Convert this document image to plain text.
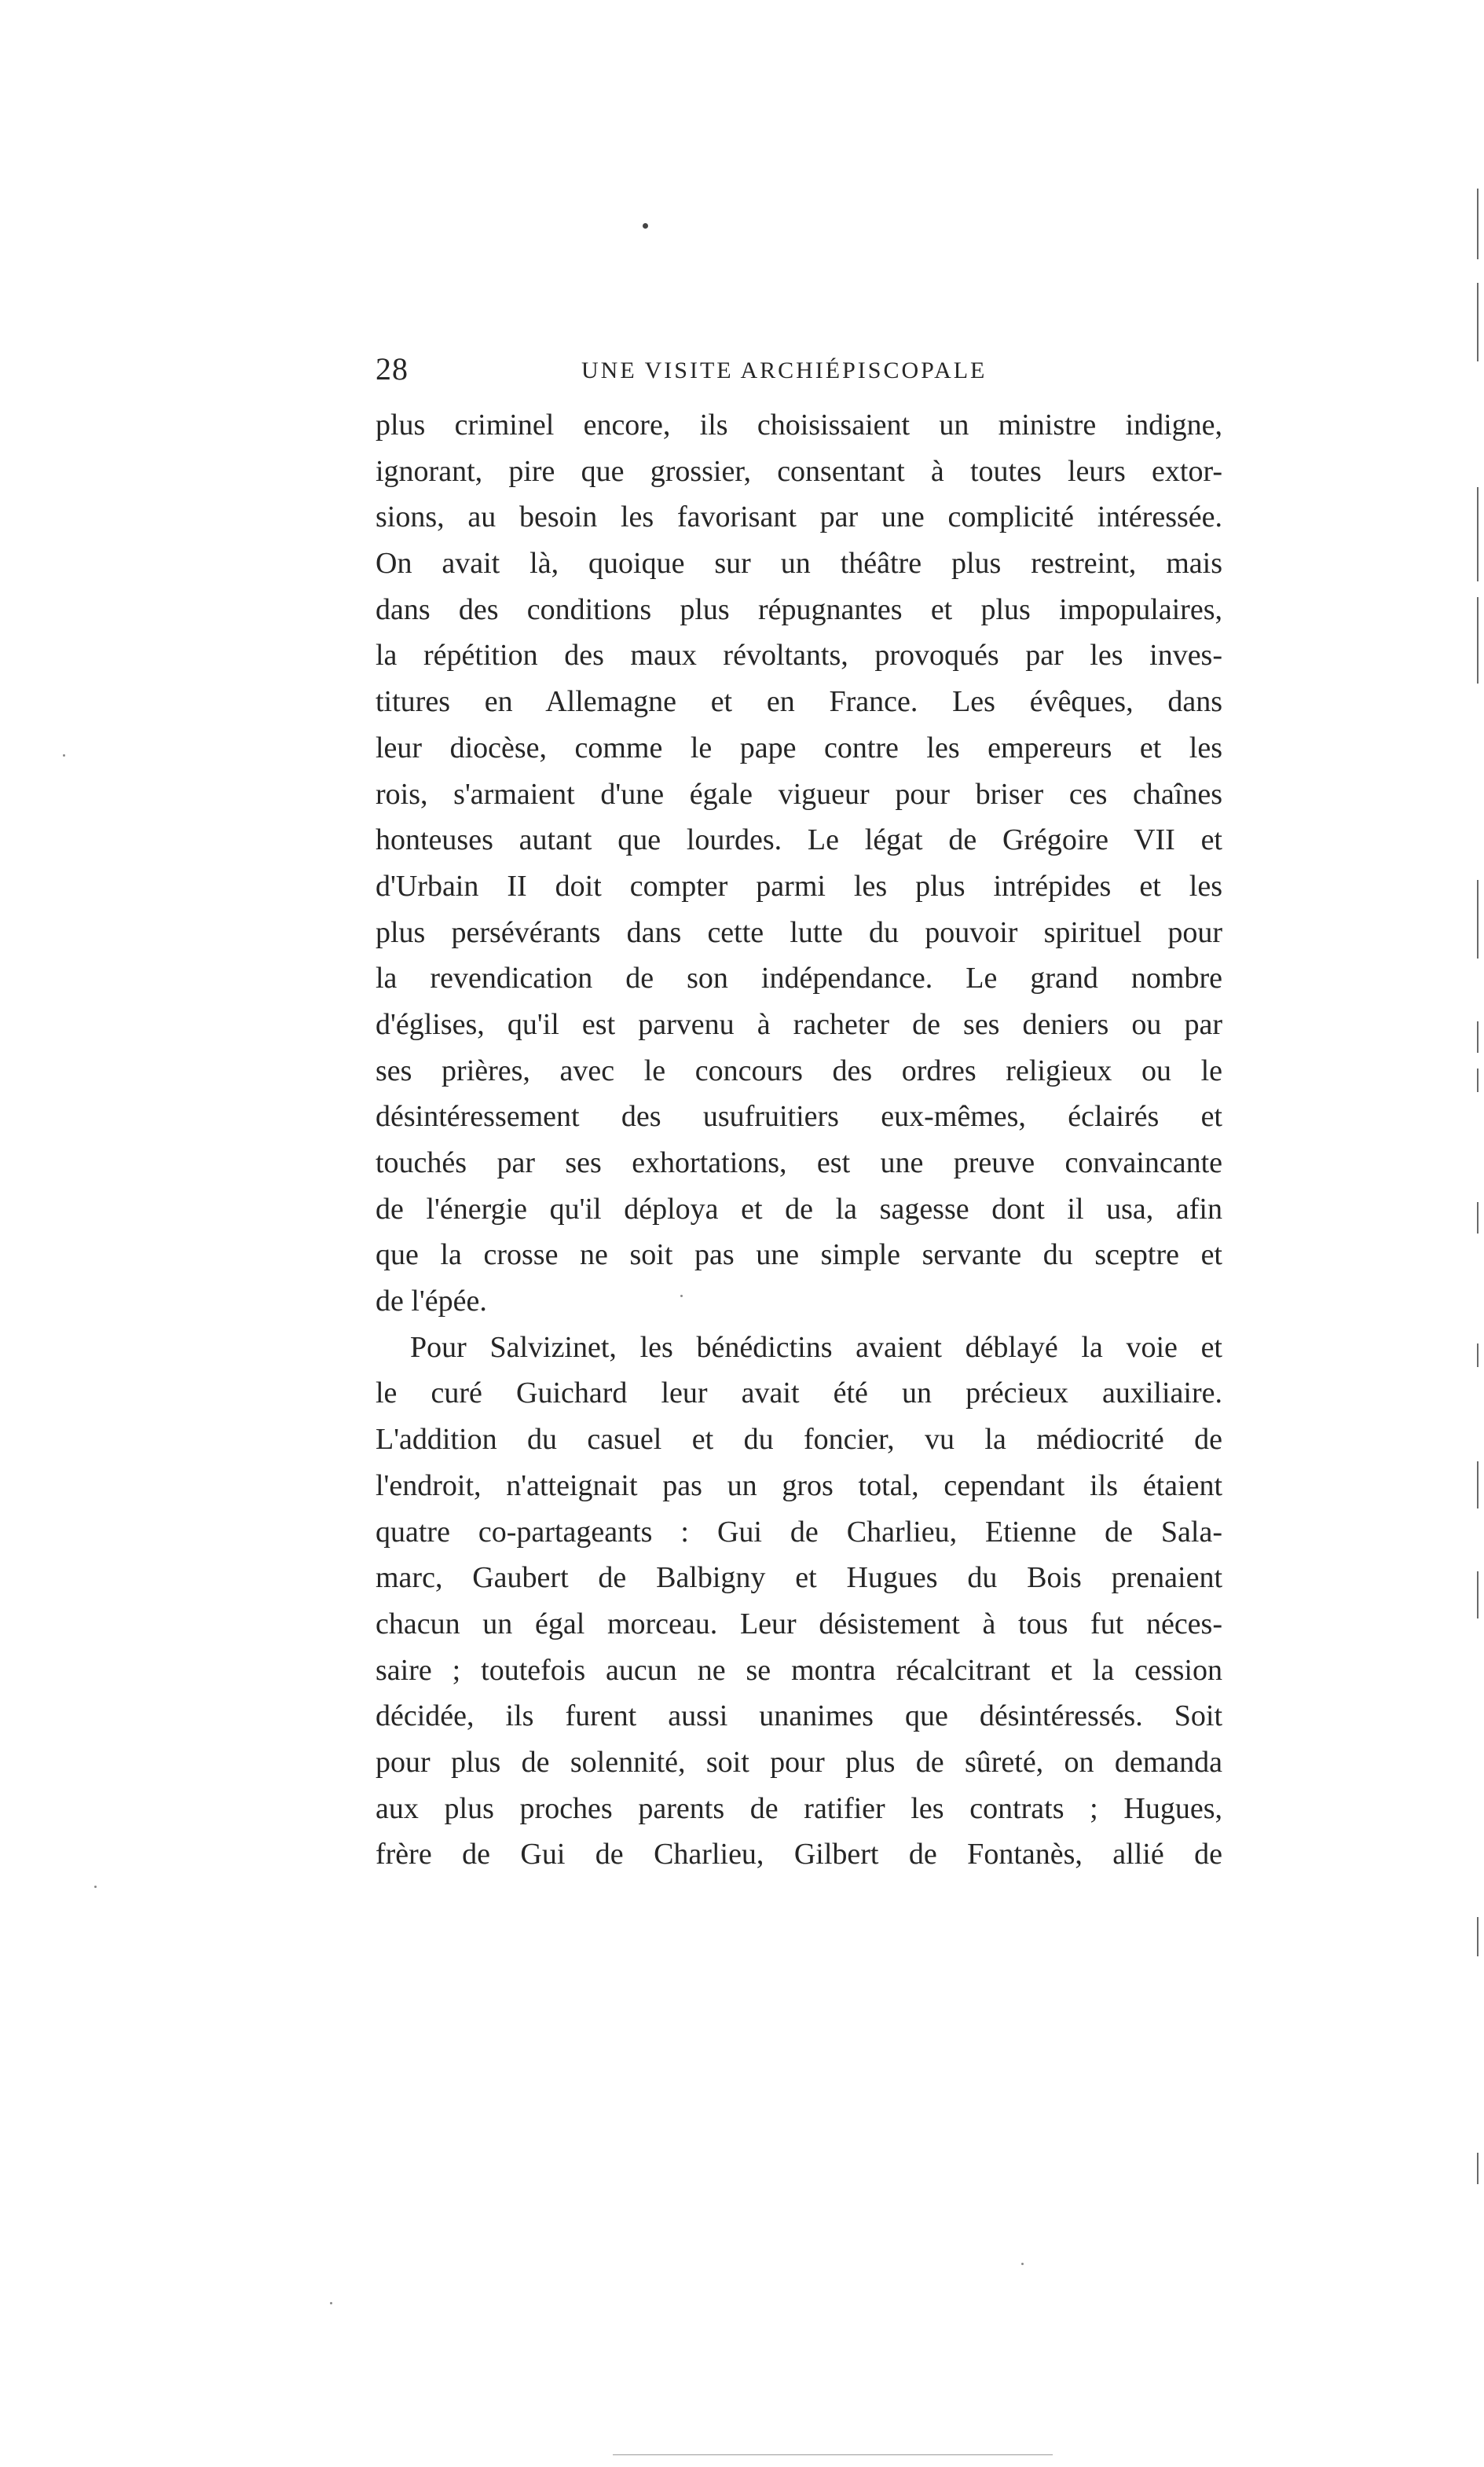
28	UNE VISITE ARCHIÉPISCOPALE
plus criminel encore, ils choisissaient un ministre indigne,
ignorant, pire que grossier, consentant à toutes leurs extor-
sions, au besoin les favorisant par une complicité intéressée.
On avait là, quoique sur un théâtre plus restreint, mais
dans des conditions plus répugnantes et plus impopulaires,
la répétition des maux révoltants, provoqués par les inves-
titures en Allemagne et en France. Les évêques, dans
leur diocèse, comme le pape contre les empereurs et les
rois, s'armaient d'une égale vigueur pour briser ces chaînes
honteuses autant que lourdes. Le légat de Grégoire VII et
d'Urbain II doit compter parmi les plus intrépides et les
plus persévérants dans cette lutte du pouvoir spirituel pour
la revendication de son indépendance. Le grand nombre
d'églises, qu'il est parvenu à racheter de ses deniers ou par
ses prières, avec le concours des ordres religieux ou le
désintéressement des usufruitiers eux-mêmes, éclairés et
touchés par ses exhortations, est une preuve convaincante
de l'énergie qu'il déploya et de la sagesse dont il usa, afin
que la crosse ne soit pas une simple servante du sceptre et
de l'épée.
Pour Salvizinet, les bénédictins avaient déblayé la voie et
le curé Guichard leur avait été un précieux auxiliaire.
L'addition du casuel et du foncier, vu la médiocrité de
l'endroit, n'atteignait pas un gros total, cependant ils étaient
quatre co-partageants : Gui de Charlieu, Etienne de Sala-
marc, Gaubert de Balbigny et Hugues du Bois prenaient
chacun un égal morceau. Leur désistement à tous fut néces-
saire ; toutefois aucun ne se montra récalcitrant et la cession
décidée, ils furent aussi unanimes que désintéressés. Soit
pour plus de solennité, soit pour plus de sûreté, on demanda
aux plus proches parents de ratifier les contrats ; Hugues,
frère de Gui de Charlieu, Gilbert de Fontanès, allié de
